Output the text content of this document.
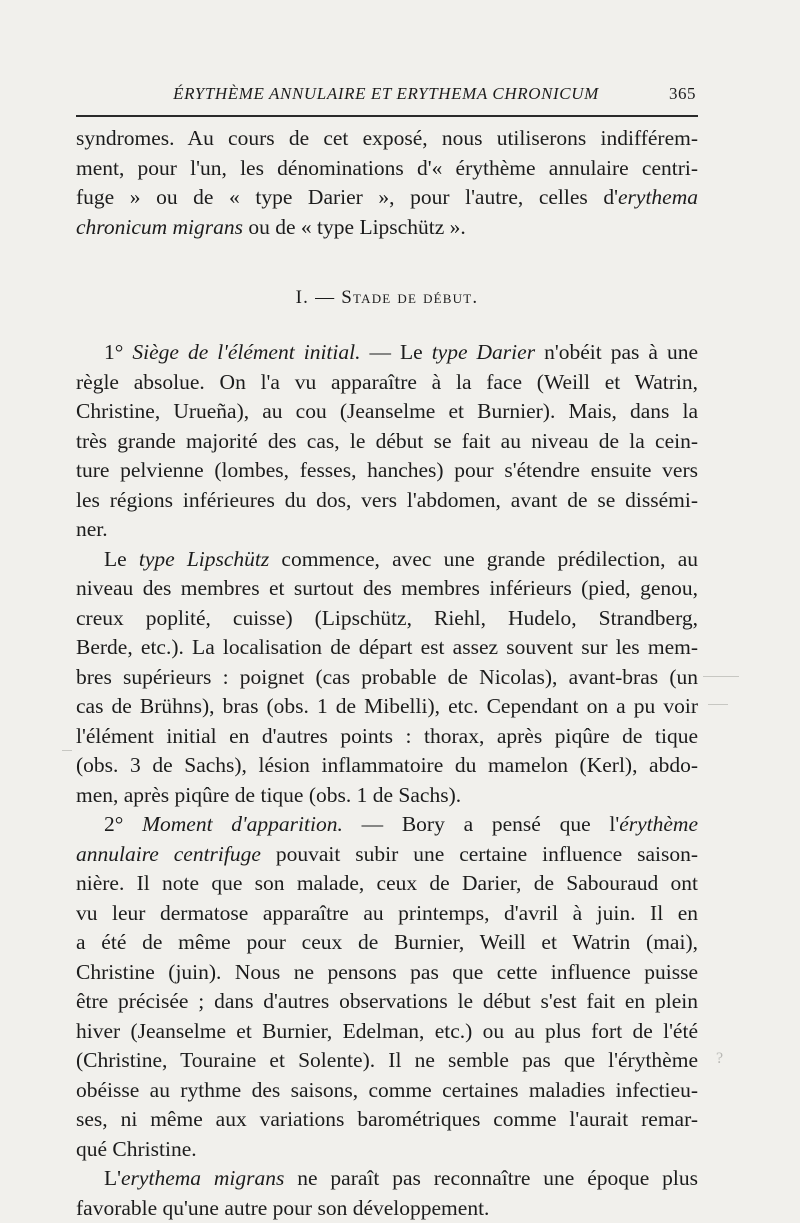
ÉRYTHÈME ANNULAIRE ET ERYTHEMA CHRONICUM	365
syndromes. Au cours de cet exposé, nous utiliserons indifférem-
ment, pour l'un, les dénominations d'« érythème annulaire centri-
fuge » ou de « type Darier », pour l'autre, celles d'erythema
chronicum migrans ou de « type Lipschütz ».
I. — Stade de début.
1° Siège de l'élément initial. — Le type Darier n'obéit pas à une
règle absolue. On l'a vu apparaître à la face (Weill et Watrin,
Christine, Urueña), au cou (Jeanselme et Burnier). Mais, dans la
très grande majorité des cas, le début se fait au niveau de la cein-
ture pelvienne (lombes, fesses, hanches) pour s'étendre ensuite vers
les régions inférieures du dos, vers l'abdomen, avant de se dissémi-
ner.
Le type Lipschütz commence, avec une grande prédilection, au
niveau des membres et surtout des membres inférieurs (pied, genou,
creux poplité, cuisse) (Lipschütz, Riehl, Hudelo, Strandberg,
Berde, etc.). La localisation de départ est assez souvent sur les mem-
bres supérieurs : poignet (cas probable de Nicolas), avant-bras (un
cas de Brühns), bras (obs. 1 de Mibelli), etc. Cependant on a pu voir
l'élément initial en d'autres points : thorax, après piqûre de tique
(obs. 3 de Sachs), lésion inflammatoire du mamelon (Kerl), abdo-
men, après piqûre de tique (obs. 1 de Sachs).
2° Moment d'apparition. — Bory a pensé que l'érythème
annulaire centrifuge pouvait subir une certaine influence saison-
nière. Il note que son malade, ceux de Darier, de Sabouraud ont
vu leur dermatose apparaître au printemps, d'avril à juin. Il en
a été de même pour ceux de Burnier, Weill et Watrin (mai),
Christine (juin). Nous ne pensons pas que cette influence puisse
être précisée ; dans d'autres observations le début s'est fait en plein
hiver (Jeanselme et Burnier, Edelman, etc.) ou au plus fort de l'été
(Christine, Touraine et Solente). Il ne semble pas que l'érythème
obéisse au rythme des saisons, comme certaines maladies infectieu-
ses, ni même aux variations barométriques comme l'aurait remar-
qué Christine.
L'erythema migrans ne paraît pas reconnaître une époque plus
favorable qu'une autre pour son développement.
?
